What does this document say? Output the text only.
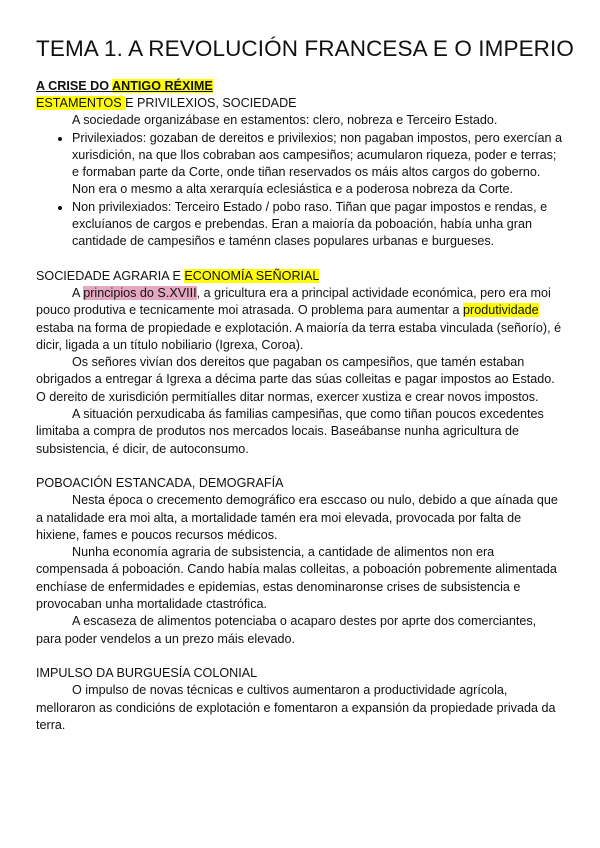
TEMA 1. A REVOLUCIÓN FRANCESA E O IMPERIO
A CRISE DO ANTIGO RÉXIME
ESTAMENTOS E PRIVILEXIOS, SOCIEDADE

A sociedade organizábase en estamentos: clero, nobreza e Terceiro Estado.

• Privilexiados: gozaban de dereitos e privilexios; non pagaban impostos, pero exercían a xurisdición, na que llos cobraban aos campesiños; acumularon riqueza, poder e terras; e formaban parte da Corte, onde tiñan reservados os máis altos cargos do goberno.
Non era o mesmo a alta xerarquía eclesiástica e a poderosa nobreza da Corte.
• Non privilexiados: Terceiro Estado / pobo raso. Tiñan que pagar impostos e rendas, e excluíanos de cargos e prebendas. Eran a maioría da poboación, había unha gran cantidade de campesiños e taménn clases populares urbanas e burgueses.
SOCIEDADE AGRARIA E ECONOMÍA SEÑORIAL

A principios do S.XVIII, a gricultura era a principal actividade económica, pero era moi pouco produtiva e tecnicamente moi atrasada. O problema para aumentar a produtividade estaba na forma de propiedade e explotación. A maioría da terra estaba vinculada (señorío), é dicir, ligada a un título nobiliario (Igrexa, Coroa).

Os señores vivían dos dereitos que pagaban os campesiños, que tamén estaban obrigados a entregar á Igrexa a décima parte das súas colleitas e pagar impostos ao Estado. O dereito de xurisdición permitíalles ditar normas, exercer xustiza e crear novos impostos.

A situación perxudicaba ás familias campesiñas, que como tiñan poucos excedentes limitaba a compra de produtos nos mercados locais. Baseábanse nunha agricultura de subsistencia, é dicir, de autoconsumo.

POBOACIÓN ESTANCADA, DEMOGRAFÍA

Nesta época o crecemento demográfico era esccaso ou nulo, debido a que aínada que a natalidade era moi alta, a mortalidade tamén era moi elevada, provocada por falta de hixiene, fames e poucos recursos médicos.

Nunha economía agraria de subsistencia, a cantidade de alimentos non era compensada á poboación. Cando había malas colleitas, a poboación pobremente alimentada enchíase de enfermidades e epidemias, estas denominaronse crises de subsistencia e provocaban unha mortalidade ctastrófica.

A escaseza de alimentos potenciaba o acaparo destes por aprte dos comerciantes, para poder vendelos a un prezo máis elevado.

IMPULSO DA BURGUESÍA COLONIAL

O impulso de novas técnicas e cultivos aumentaron a productividade agrícola, melloraron as condicións de explotación e fomentaron a expansión da propiedade privada da terra.
